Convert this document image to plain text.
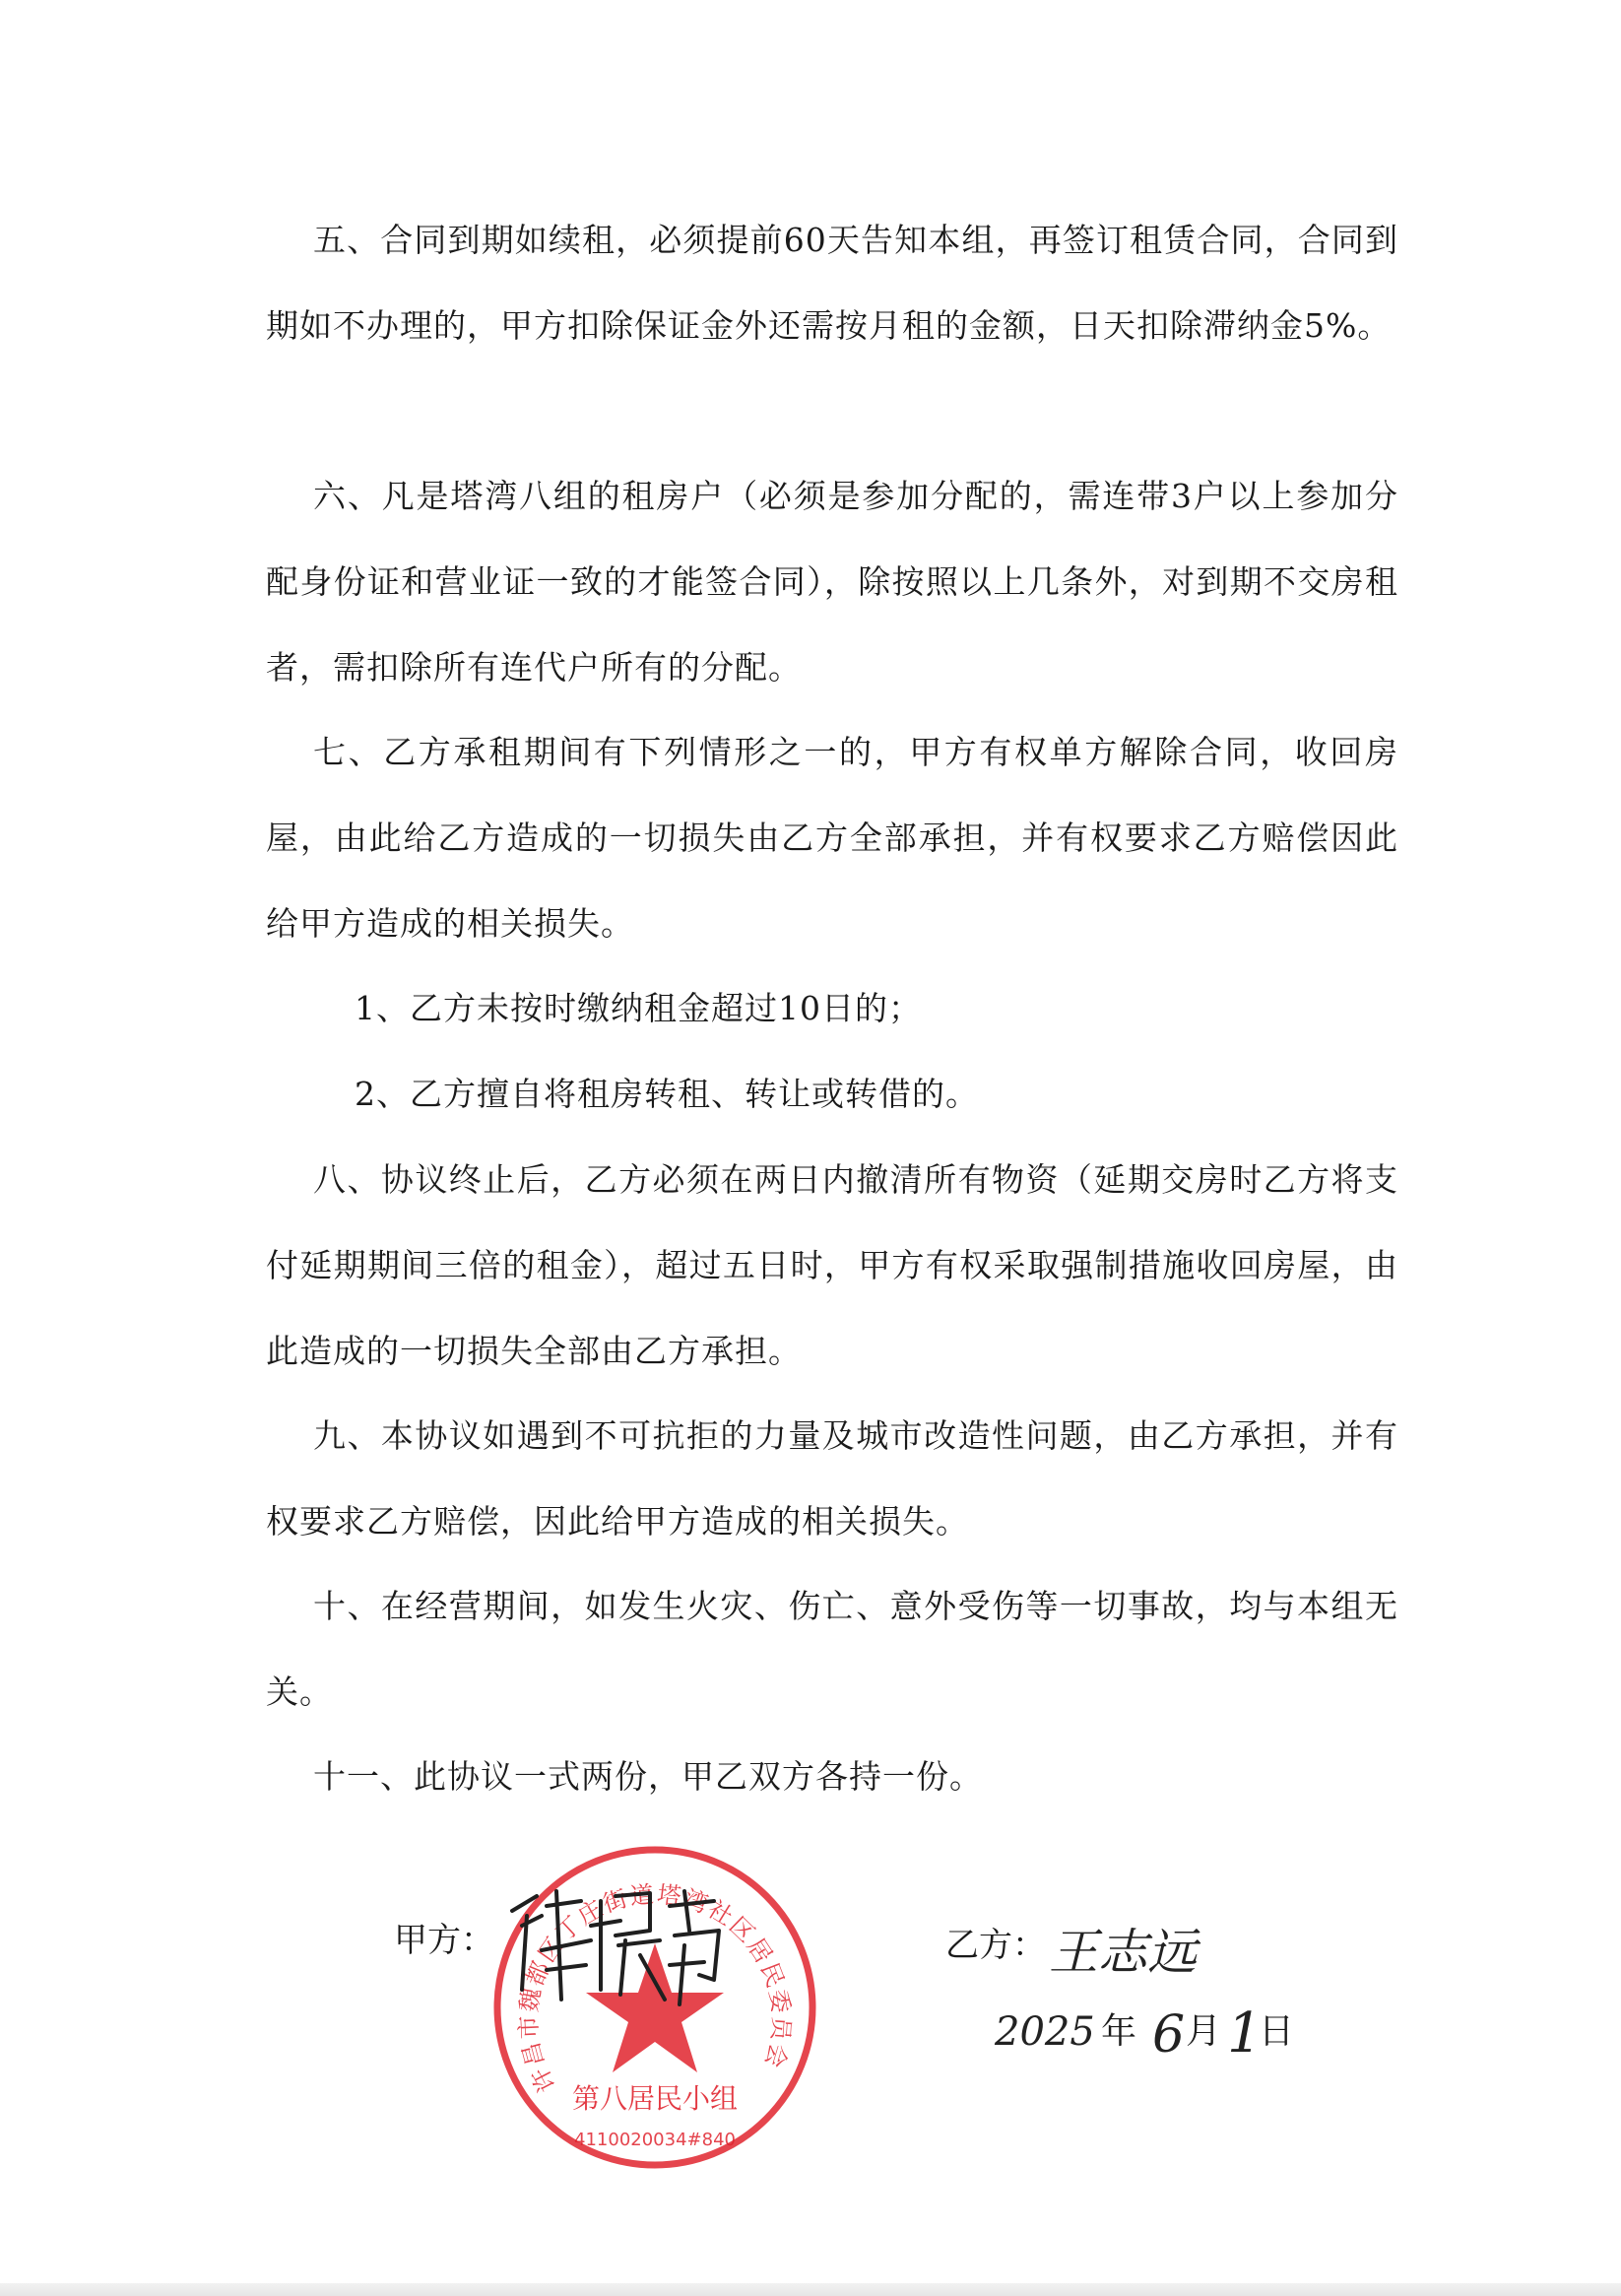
五、合同到期如续租，必须提前60天告知本组，再签订租赁合同，合同到期如不办理的，甲方扣除保证金外还需按月租的金额，日天扣除滞纳金5%。

六、凡是塔湾八组的租房户（必须是参加分配的，需连带3户以上参加分配身份证和营业证一致的才能签合同），除按照以上几条外，对到期不交房租者，需扣除所有连代户所有的分配。

七、乙方承租期间有下列情形之一的，甲方有权单方解除合同，收回房屋，由此给乙方造成的一切损失由乙方全部承担，并有权要求乙方赔偿因此给甲方造成的相关损失。

1、乙方未按时缴纳租金超过10日的；

2、乙方擅自将租房转租、转让或转借的。

八、协议终止后，乙方必须在两日内撤清所有物资（延期交房时乙方将支付延期期间三倍的租金），超过五日时，甲方有权采取强制措施收回房屋，由此造成的一切损失全部由乙方承担。

九、本协议如遇到不可抗拒的力量及城市改造性问题，由乙方承担，并有权要求乙方赔偿，因此给甲方造成的相关损失。

十、在经营期间，如发生火灾、伤亡、意外受伤等一切事故，均与本组无关。

十一、此协议一式两份，甲乙双方各持一份。

甲方：
许昌市魏都区丁庄街道塔湾社区居民委员会
第八居民小组
4110020034#840
乙方： 王志远
2025 年 6 月 1
日
